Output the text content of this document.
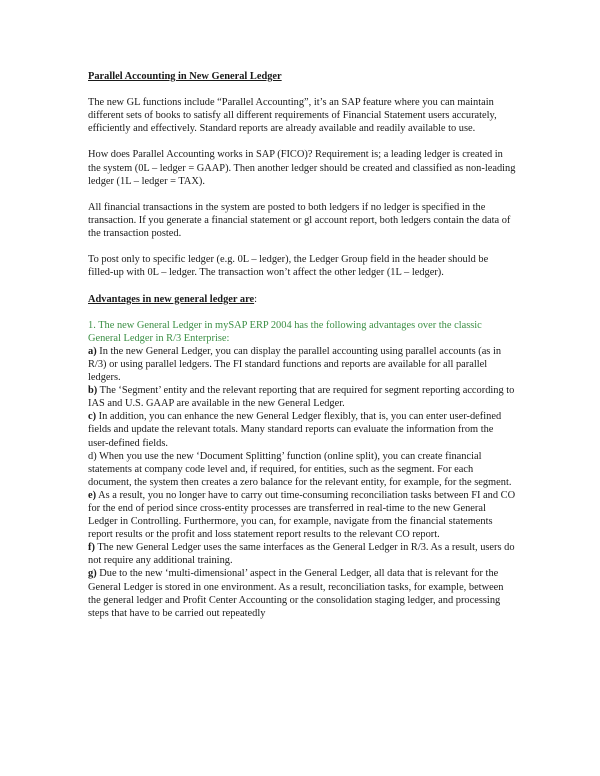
Parallel Accounting in New General Ledger

The new GL functions include “Parallel Accounting”, it’s an SAP feature where you can maintain different sets of books to satisfy all different requirements of Financial Statement users accurately, efficiently and effectively. Standard reports are already available and readily available to use.

How does Parallel Accounting works in SAP (FICO)? Requirement is; a leading ledger is created in the system (0L – ledger = GAAP). Then another ledger should be created and classified as non-leading ledger (1L – ledger = TAX).

All financial transactions in the system are posted to both ledgers if no ledger is specified in the transaction. If you generate a financial statement or gl account report, both ledgers contain the data of the transaction posted.

To post only to specific ledger (e.g. 0L – ledger), the Ledger Group field in the header should be filled-up with 0L – ledger. The transaction won’t affect the other ledger (1L – ledger).

Advantages in new general ledger are:

1. The new General Ledger in mySAP ERP 2004 has the following advantages over the classic General Ledger in R/3 Enterprise:
a) In the new General Ledger, you can display the parallel accounting using parallel accounts (as in R/3) or using parallel ledgers. The FI standard functions and reports are available for all parallel ledgers.
b) The ‘Segment’ entity and the relevant reporting that are required for segment reporting according to IAS and U.S. GAAP are available in the new General Ledger.
c) In addition, you can enhance the new General Ledger flexibly, that is, you can enter user-defined fields and update the relevant totals. Many standard reports can evaluate the information from the user-defined fields.
d) When you use the new ‘Document Splitting’ function (online split), you can create financial statements at company code level and, if required, for entities, such as the segment. For each document, the system then creates a zero balance for the relevant entity, for example, for the segment.
e) As a result, you no longer have to carry out time-consuming reconciliation tasks between FI and CO for the end of period since cross-entity processes are transferred in real-time to the new General Ledger in Controlling. Furthermore, you can, for example, navigate from the financial statements report results or the profit and loss statement report results to the relevant CO report.
f) The new General Ledger uses the same interfaces as the General Ledger in R/3. As a result, users do not require any additional training.
g) Due to the new ‘multi-dimensional’ aspect in the General Ledger, all data that is relevant for the General Ledger is stored in one environment. As a result, reconciliation tasks, for example, between the general ledger and Profit Center Accounting or the consolidation staging ledger, and processing steps that have to be carried out repeatedly
